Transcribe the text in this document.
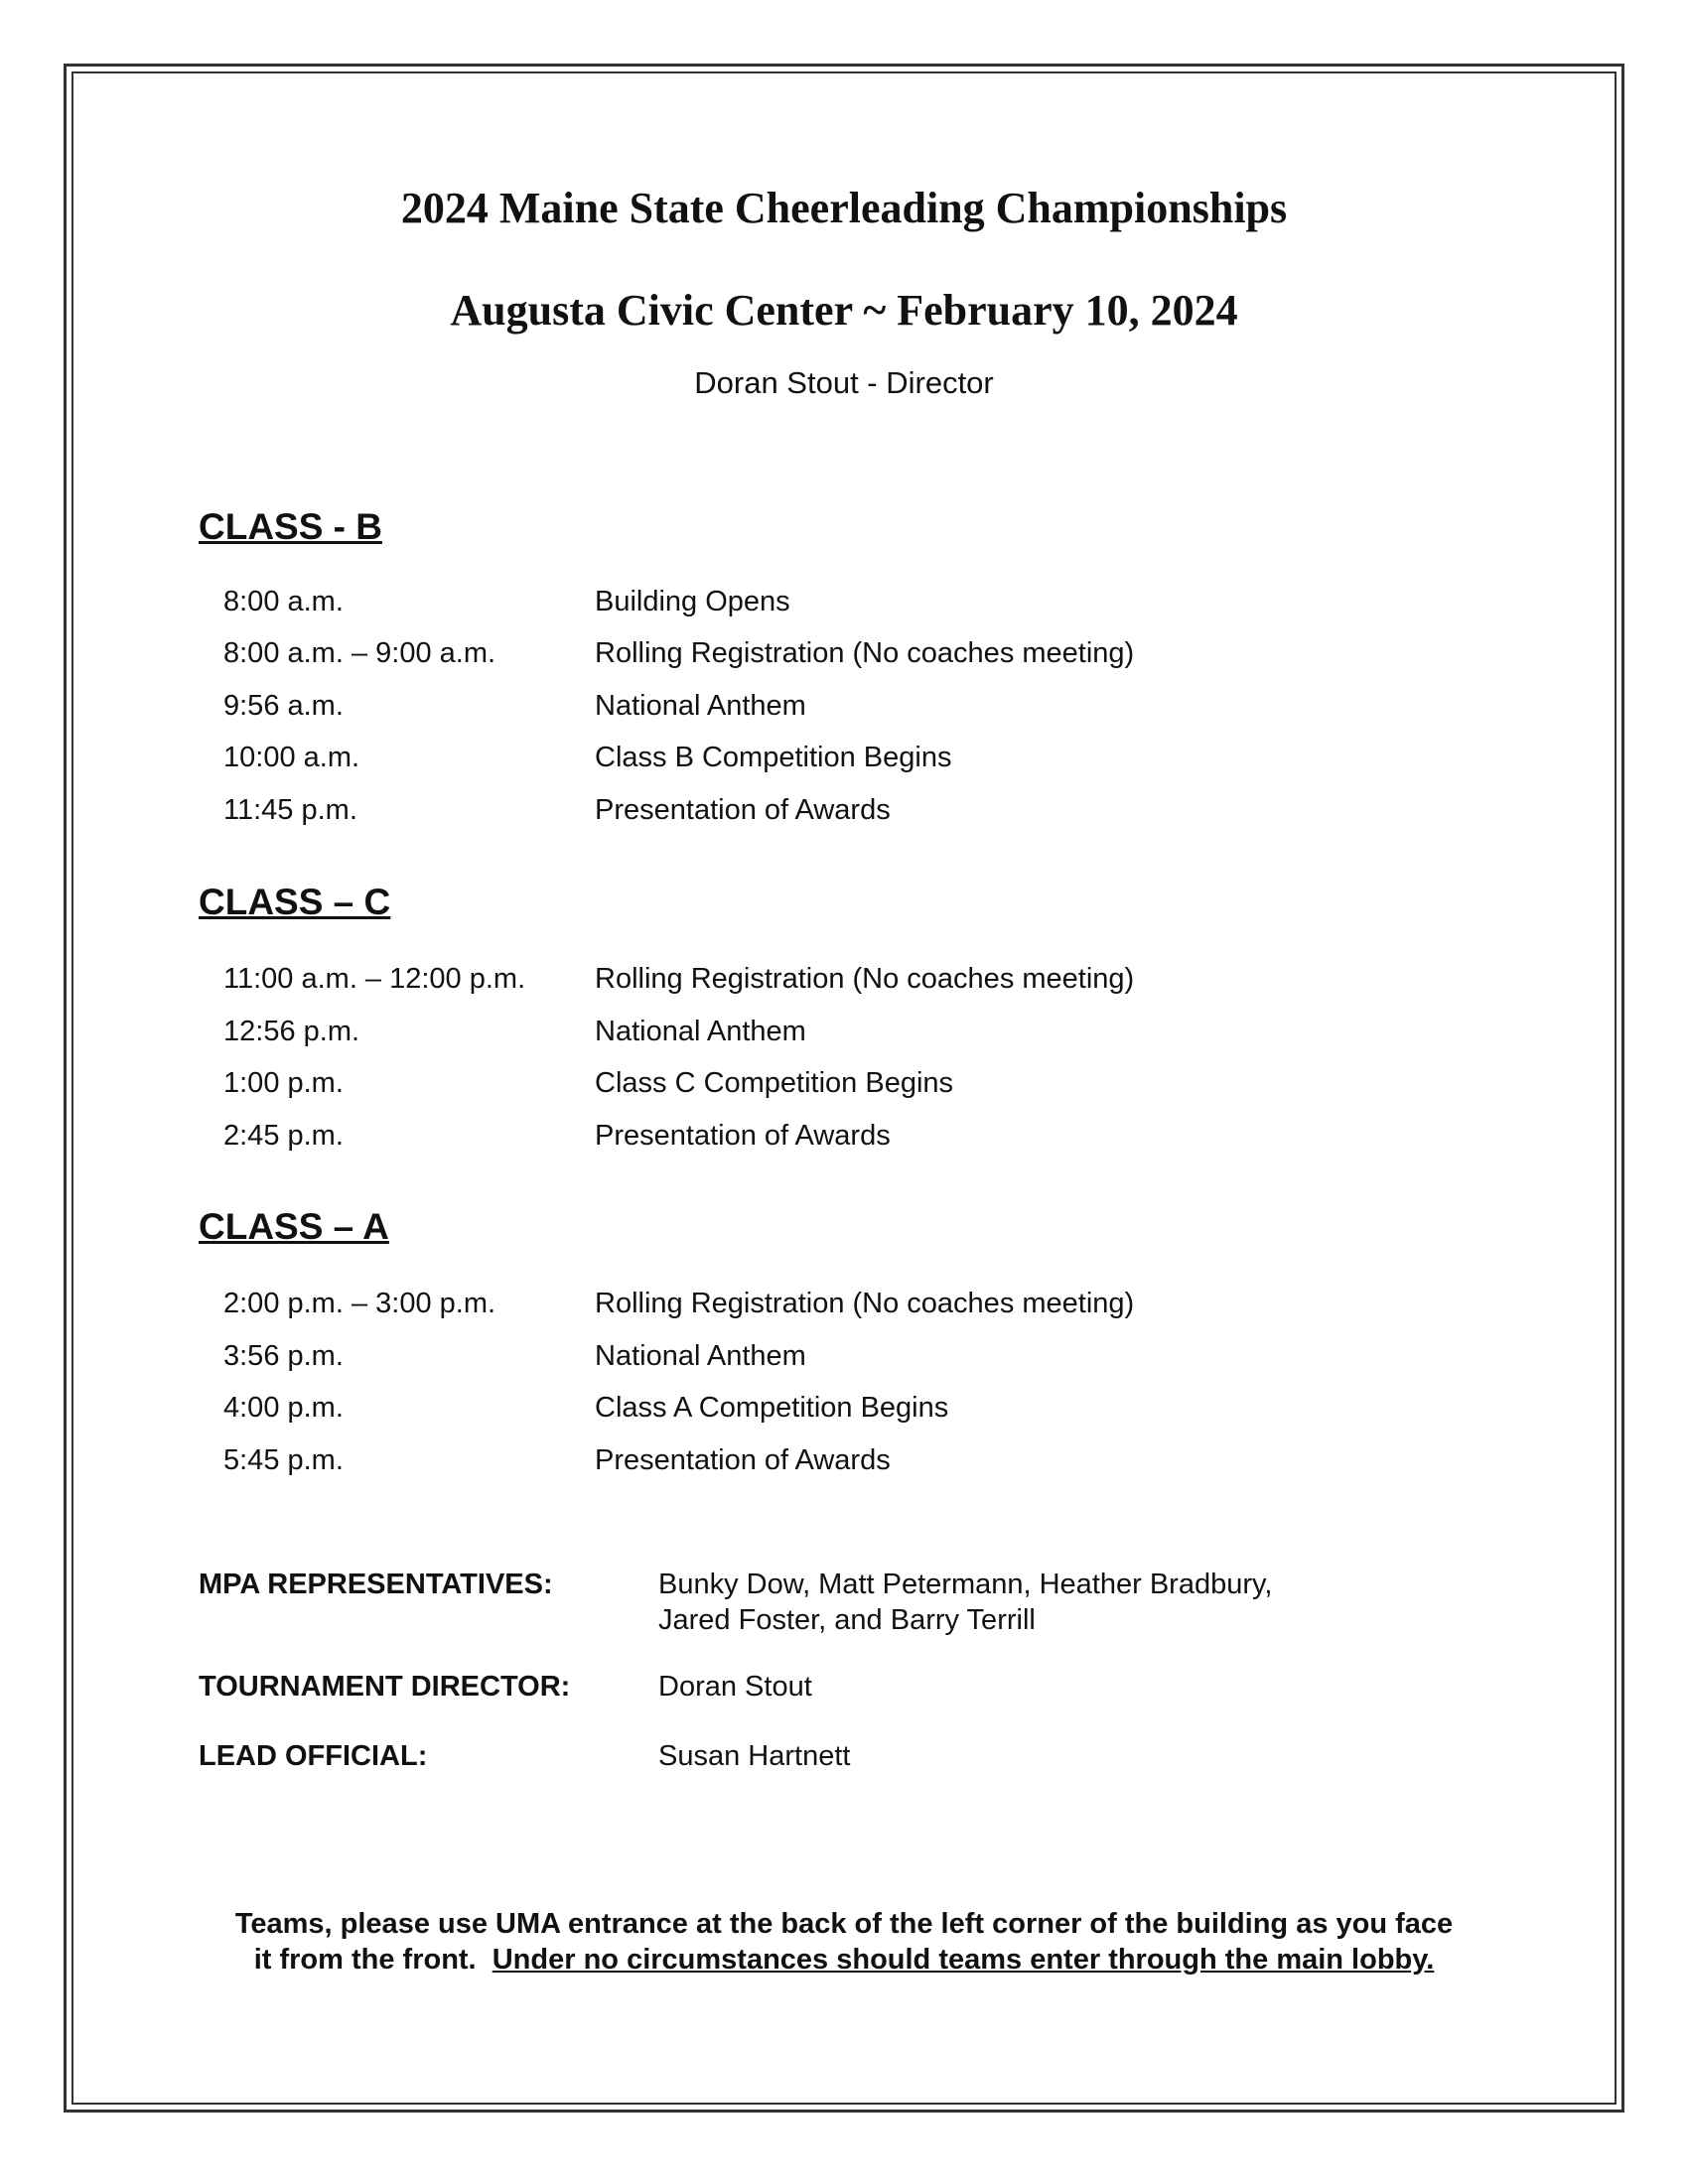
2024 Maine State Cheerleading Championships
Augusta Civic Center ~ February 10, 2024
Doran Stout - Director
CLASS - B
8:00 a.m.	Building Opens
8:00 a.m. – 9:00 a.m.	Rolling Registration (No coaches meeting)
9:56 a.m.	National Anthem
10:00 a.m.	Class B Competition Begins
11:45 p.m.	Presentation of Awards
CLASS – C
11:00 a.m. – 12:00 p.m. Rolling Registration (No coaches meeting)
12:56 p.m.	National Anthem
1:00 p.m.	Class C Competition Begins
2:45 p.m.	Presentation of Awards
CLASS – A
2:00 p.m. – 3:00 p.m.	Rolling Registration (No coaches meeting)
3:56 p.m.	National Anthem
4:00 p.m.	Class A Competition Begins
5:45 p.m.	Presentation of Awards
MPA REPRESENTATIVES:	Bunky Dow, Matt Petermann, Heather Bradbury,
Jared Foster, and Barry Terrill
TOURNAMENT DIRECTOR:	Doran Stout
LEAD OFFICIAL:	Susan Hartnett
Teams, please use UMA entrance at the back of the left corner of the building as you face
it from the front.  Under no circumstances should teams enter through the main lobby.
